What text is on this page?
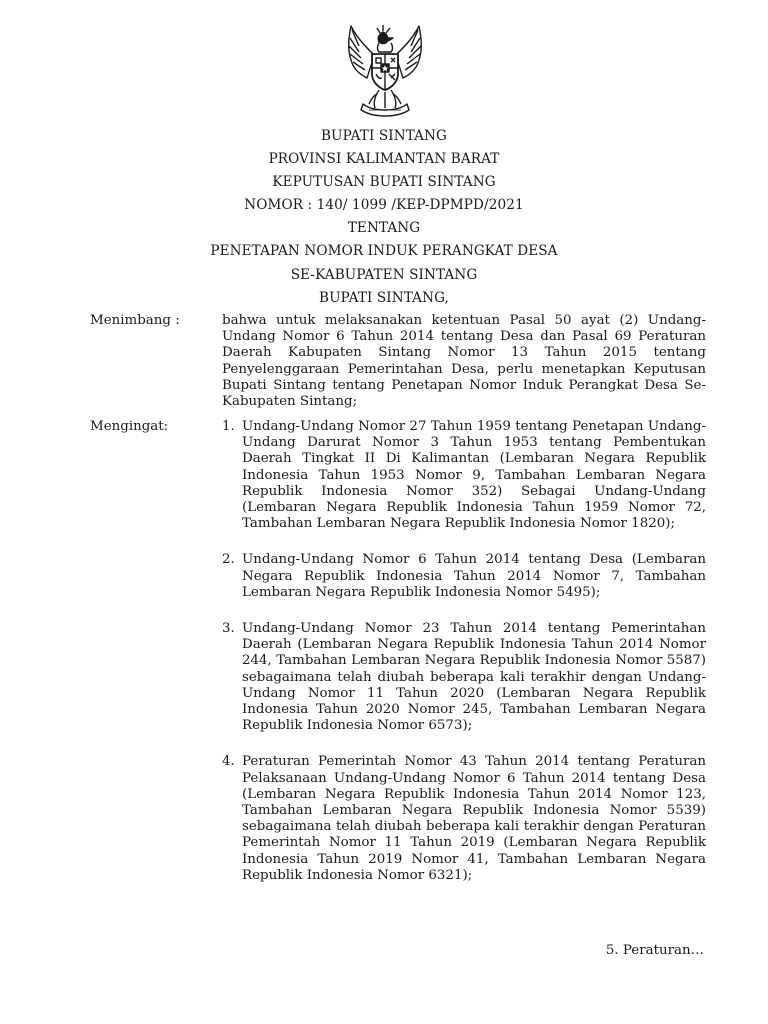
BUPATI SINTANG
PROVINSI KALIMANTAN BARAT
KEPUTUSAN BUPATI SINTANG
NOMOR : 140/ 1099 /KEP-DPMPD/2021
TENTANG
PENETAPAN NOMOR INDUK PERANGKAT DESA
SE-KABUPATEN SINTANG
BUPATI SINTANG,
Menimbang :	bahwa untuk melaksanakan ketentuan Pasal 50 ayat (2) Undang-Undang Nomor 6 Tahun 2014 tentang Desa dan Pasal 69 Peraturan Daerah Kabupaten Sintang Nomor 13 Tahun 2015 tentang Penyelenggaraan Pemerintahan Desa, perlu menetapkan Keputusan Bupati Sintang tentang Penetapan Nomor Induk Perangkat Desa Se-Kabupaten Sintang;
Mengingat:	1. Undang-Undang Nomor 27 Tahun 1959 tentang Penetapan Undang-Undang Darurat Nomor 3 Tahun 1953 tentang Pembentukan Daerah Tingkat II Di Kalimantan (Lembaran Negara Republik Indonesia Tahun 1953 Nomor 9, Tambahan Lembaran Negara Republik Indonesia Nomor 352) Sebagai Undang-Undang (Lembaran Negara Republik Indonesia Tahun 1959 Nomor 72, Tambahan Lembaran Negara Republik Indonesia Nomor 1820);
2. Undang-Undang Nomor 6 Tahun 2014 tentang Desa (Lembaran Negara Republik Indonesia Tahun 2014 Nomor 7, Tambahan Lembaran Negara Republik Indonesia Nomor 5495);
3. Undang-Undang Nomor 23 Tahun 2014 tentang Pemerintahan Daerah (Lembaran Negara Republik Indonesia Tahun 2014 Nomor 244, Tambahan Lembaran Negara Republik Indonesia Nomor 5587) sebagaimana telah diubah beberapa kali terakhir dengan Undang-Undang Nomor 11 Tahun 2020 (Lembaran Negara Republik Indonesia Tahun 2020 Nomor 245, Tambahan Lembaran Negara Republik Indonesia Nomor 6573);
4. Peraturan Pemerintah Nomor 43 Tahun 2014 tentang Peraturan Pelaksanaan Undang-Undang Nomor 6 Tahun 2014 tentang Desa (Lembaran Negara Republik Indonesia Tahun 2014 Nomor 123, Tambahan Lembaran Negara Republik Indonesia Nomor 5539) sebagaimana telah diubah beberapa kali terakhir dengan Peraturan Pemerintah Nomor 11 Tahun 2019 (Lembaran Negara Republik Indonesia Tahun 2019 Nomor 41, Tambahan Lembaran Negara Republik Indonesia Nomor 6321);
5. Peraturan…
